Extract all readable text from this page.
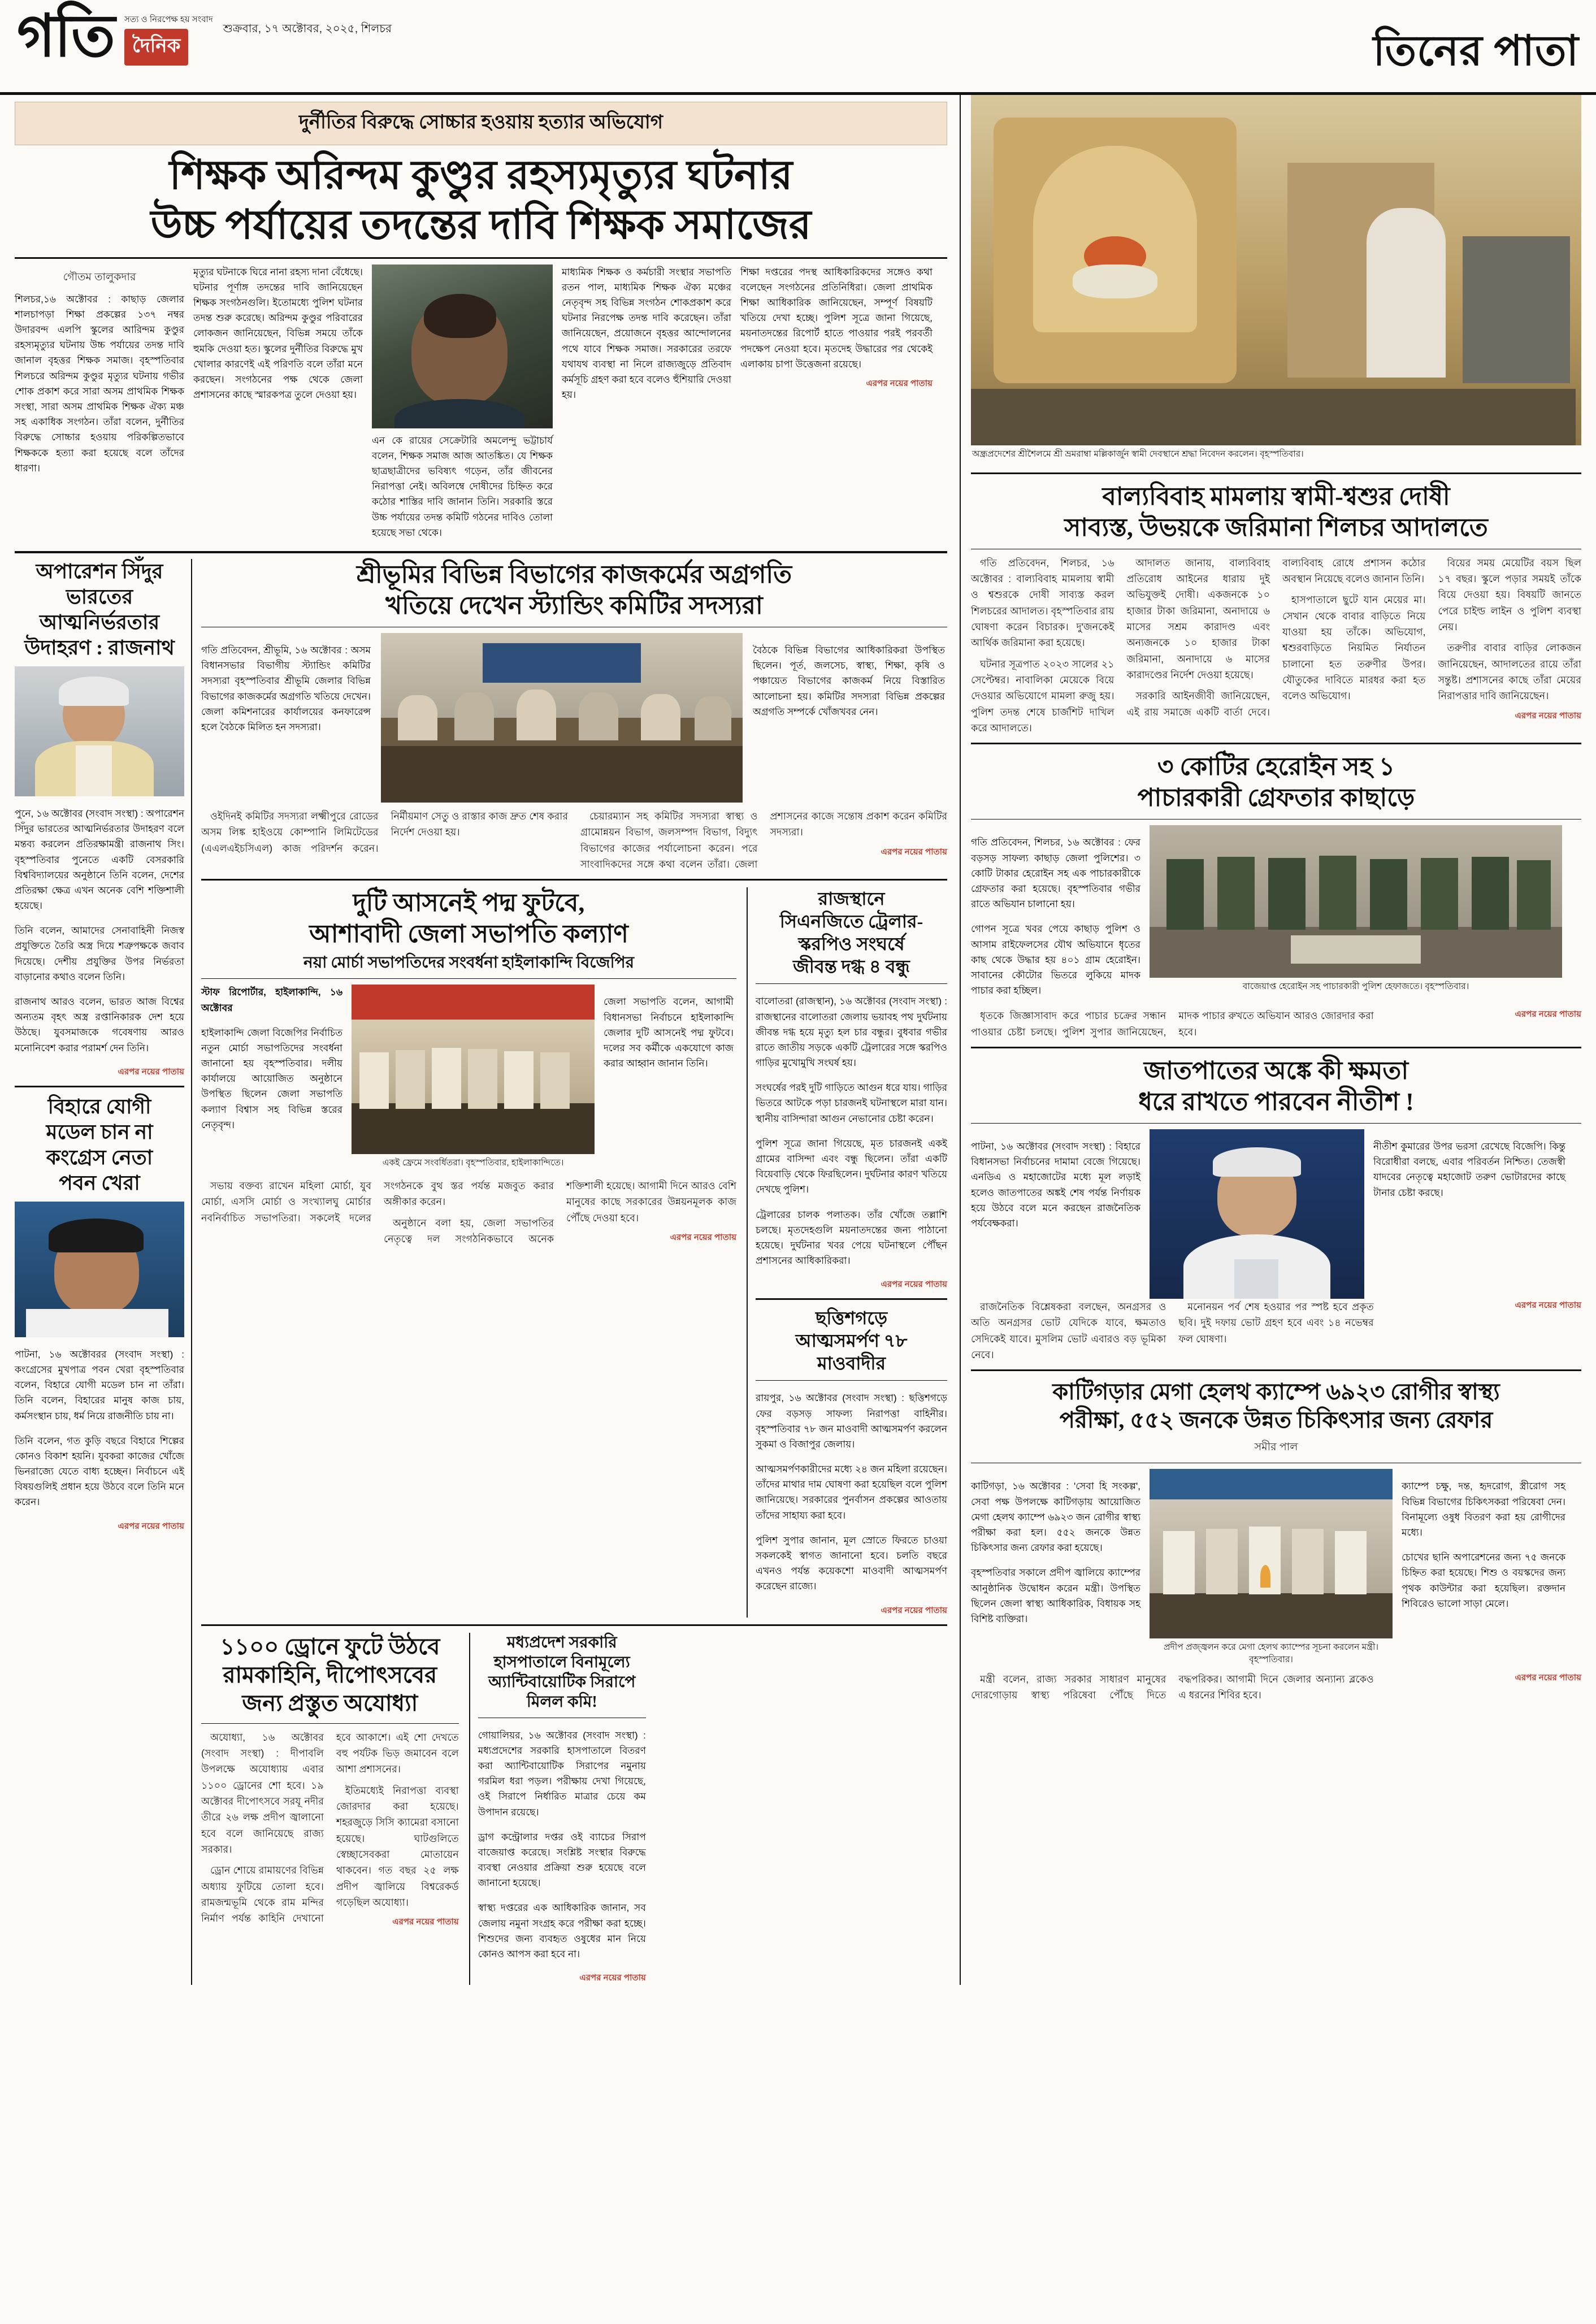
গতি সত্য ও নিরপেক্ষ হয় সংবাদ
দৈনিক
শুক্রবার, ১৭ অক্টোবর, ২০২৫, শিলচর	তিনের পাতা
দুর্নীতির বিরুদ্ধে সোচ্চার হওয়ায় হত্যার অভিযোগ
শিক্ষক অরিন্দম কুণ্ডুর রহস্যমৃত্যুর ঘটনার
উচ্চ পর্যায়ের তদন্তের দাবি শিক্ষক সমাজের
গৌতম তালুকদার

শিলচর,১৬ অক্টোবর : কাছাড় জেলার শালচাপড়া শিক্ষা প্রকল্পের ১৩৭ নম্বর উদারবন্দ এলপি স্কুলের আরিন্দম কুণ্ডুর রহস্যমৃত্যুর ঘটনায় উচ্চ পর্যায়ের তদন্ত দাবি জানাল বৃহত্তর শিক্ষক সমাজ। বৃহস্পতিবার শিলচরে অরিন্দম কুণ্ডুর মৃত্যুর ঘটনায় গভীর শোক প্রকাশ করে সারা অসম প্রাথমিক শিক্ষক সংস্থা, সারা অসম প্রাথমিক শিক্ষক ঐক্য মঞ্চ সহ একাধিক সংগঠন। তাঁরা বলেন, দুর্নীতির বিরুদ্ধে সোচ্চার হওয়ায় পরিকল্পিতভাবে শিক্ষককে হত্যা করা হয়েছে বলে তাঁদের ধারণা।

মৃত্যুর ঘটনাকে ঘিরে নানা রহস্য দানা বেঁধেছে। ঘটনার পূর্ণাঙ্গ তদন্তের দাবি জানিয়েছেন শিক্ষক সংগঠনগুলি। ইতোমধ্যে পুলিশ ঘটনার তদন্ত শুরু করেছে। অরিন্দম কুণ্ডুর পরিবারের লোকজন জানিয়েছেন, বিভিন্ন সময়ে তাঁকে হুমকি দেওয়া হত। স্কুলের দুর্নীতির বিরুদ্ধে মুখ খোলার কারণেই এই পরিণতি বলে তাঁরা মনে করছেন। সংগঠনের পক্ষ থেকে জেলা প্রশাসনের কাছে স্মারকপত্র তুলে দেওয়া হয়।

এন কে রায়ের সেক্রেটারি অমলেন্দু ভট্টাচার্য বলেন, শিক্ষক সমাজ আজ আতঙ্কিত। যে শিক্ষক ছাত্রছাত্রীদের ভবিষ্যৎ গড়েন, তাঁর জীবনের নিরাপত্তা নেই। অবিলম্বে দোষীদের চিহ্নিত করে কঠোর শাস্তির দাবি জানান তিনি। সরকারি স্তরে উচ্চ পর্যায়ের তদন্ত কমিটি গঠনের দাবিও তোলা হয়েছে সভা থেকে।

মাধ্যমিক শিক্ষক ও কর্মচারী সংস্থার সভাপতি রতন পাল, মাধ্যমিক শিক্ষক ঐক্য মঞ্চের নেতৃবৃন্দ সহ বিভিন্ন সংগঠন শোকপ্রকাশ করে ঘটনার নিরপেক্ষ তদন্ত দাবি করেছেন। তাঁরা জানিয়েছেন, প্রয়োজনে বৃহত্তর আন্দোলনের পথে যাবে শিক্ষক সমাজ। সরকারের তরফে যথাযথ ব্যবস্থা না নিলে রাজ্যজুড়ে প্রতিবাদ কর্মসূচি গ্রহণ করা হবে বলেও হুঁশিয়ারি দেওয়া হয়।

শিক্ষা দপ্তরের পদস্থ আধিকারিকদের সঙ্গেও কথা বলেছেন সংগঠনের প্রতিনিধিরা। জেলা প্রাথমিক শিক্ষা আধিকারিক জানিয়েছেন, সম্পূর্ণ বিষয়টি খতিয়ে দেখা হচ্ছে। পুলিশ সূত্রে জানা গিয়েছে, ময়নাতদন্তের রিপোর্ট হাতে পাওয়ার পরই পরবর্তী পদক্ষেপ নেওয়া হবে। মৃতদেহ উদ্ধারের পর থেকেই এলাকায় চাপা উত্তেজনা রয়েছে।

এরপর নয়ের পাতায়
অপারেশন সিঁদুর
ভারতের
আত্মনির্ভরতার
উদাহরণ : রাজনাথ

পুনে, ১৬ অক্টোবর (সংবাদ সংস্থা) : অপারেশন সিঁদুর ভারতের আত্মনির্ভরতার উদাহরণ বলে মন্তব্য করলেন প্রতিরক্ষামন্ত্রী রাজনাথ সিং। বৃহস্পতিবার পুনেতে একটি বেসরকারি বিশ্ববিদ্যালয়ের অনুষ্ঠানে তিনি বলেন, দেশের প্রতিরক্ষা ক্ষেত্র এখন অনেক বেশি শক্তিশালী হয়েছে।

তিনি বলেন, আমাদের সেনাবাহিনী নিজস্ব প্রযুক্তিতে তৈরি অস্ত্র দিয়ে শত্রুপক্ষকে জবাব দিয়েছে। দেশীয় প্রযুক্তির উপর নির্ভরতা বাড়ানোর কথাও বলেন তিনি।

রাজনাথ আরও বলেন, ভারত আজ বিশ্বের অন্যতম বৃহৎ অস্ত্র রপ্তানিকারক দেশ হয়ে উঠছে। যুবসমাজকে গবেষণায় আরও মনোনিবেশ করার পরামর্শ দেন তিনি।

এরপর নয়ের পাতায়
বিহারে যোগী
মডেল চান না
কংগ্রেস নেতা
পবন খেরা

পাটনা, ১৬ অক্টোবরর (সংবাদ সংস্থা) : কংগ্রেসের মুখপাত্র পবন খেরা বৃহস্পতিবার বলেন, বিহারে যোগী মডেল চান না তাঁরা। তিনি বলেন, বিহারের মানুষ কাজ চায়, কর্মসংস্থান চায়, ধর্ম নিয়ে রাজনীতি চায় না।

তিনি বলেন, গত কুড়ি বছরে বিহারে শিল্পের কোনও বিকাশ হয়নি। যুবকরা কাজের খোঁজে ভিনরাজ্যে যেতে বাধ্য হচ্ছেন। নির্বাচনে এই বিষয়গুলিই প্রধান হয়ে উঠবে বলে তিনি মনে করেন।

এরপর নয়ের পাতায়
শ্রীভূমির বিভিন্ন বিভাগের কাজকর্মের অগ্রগতি
খতিয়ে দেখেন স্ট্যান্ডিং কমিটির সদস্যরা

গতি প্রতিবেদন, শ্রীভূমি, ১৬ অক্টোবর : অসম বিধানসভার বিভাগীয় স্ট্যান্ডিং কমিটির সদস্যরা বৃহস্পতিবার শ্রীভূমি জেলার বিভিন্ন বিভাগের কাজকর্মের অগ্রগতি খতিয়ে দেখেন। জেলা কমিশনারের কার্যালয়ের কনফারেন্স হলে বৈঠকে মিলিত হন সদস্যরা।

বৈঠকে বিভিন্ন বিভাগের আধিকারিকরা উপস্থিত ছিলেন। পূর্ত, জলসেচ, স্বাস্থ্য, শিক্ষা, কৃষি ও পঞ্চায়েত বিভাগের কাজকর্ম নিয়ে বিস্তারিত আলোচনা হয়। কমিটির সদস্যরা বিভিন্ন প্রকল্পের অগ্রগতি সম্পর্কে খোঁজখবর নেন।

ওইদিনই কমিটির সদস্যরা লক্ষ্মীপুরে রোডের অসম লিঙ্ক হাইওয়ে কোম্পানি লিমিটেডের (এএলএইচসিএল) কাজ পরিদর্শন করেন। নির্মীয়মাণ সেতু ও রাস্তার কাজ দ্রুত শেষ করার নির্দেশ দেওয়া হয়।

চেয়ারম্যান সহ কমিটির সদস্যরা স্বাস্থ্য ও গ্রামোন্নয়ন বিভাগ, জলসম্পদ বিভাগ, বিদ্যুৎ বিভাগের কাজের পর্যালোচনা করেন। পরে সাংবাদিকদের সঙ্গে কথা বলেন তাঁরা। জেলা প্রশাসনের কাজে সন্তোষ প্রকাশ করেন কমিটির সদস্যরা।

এরপর নয়ের পাতায়
দুটি আসনেই পদ্ম ফুটবে,
আশাবাদী জেলা সভাপতি কল্যাণ
নয়া মোর্চা সভাপতিদের সংবর্ধনা হাইলাকান্দি বিজেপির
স্টাফ রিপোর্টার, হাইলাকান্দি, ১৬ অক্টোবর

হাইলাকান্দি জেলা বিজেপির নির্বাচিত নতুন মোর্চা সভাপতিদের সংবর্ধনা জানানো হয় বৃহস্পতিবার। দলীয় কার্যালয়ে আয়োজিত অনুষ্ঠানে উপস্থিত ছিলেন জেলা সভাপতি কল্যাণ বিশ্বাস সহ বিভিন্ন স্তরের নেতৃবৃন্দ।

একই ফ্রেমে সংবর্ধিতরা। বৃহস্পতিবার, হাইলাকান্দিতে।

জেলা সভাপতি বলেন, আগামী বিধানসভা নির্বাচনে হাইলাকান্দি জেলার দুটি আসনেই পদ্ম ফুটবে। দলের সব কর্মীকে একযোগে কাজ করার আহ্বান জানান তিনি।

সভায় বক্তব্য রাখেন মহিলা মোর্চা, যুব মোর্চা, এসসি মোর্চা ও সংখ্যালঘু মোর্চার নবনির্বাচিত সভাপতিরা। সকলেই দলের সংগঠনকে বুথ স্তর পর্যন্ত মজবুত করার অঙ্গীকার করেন।

অনুষ্ঠানে বলা হয়, জেলা সভাপতির নেতৃত্বে দল সংগঠনিকভাবে অনেক শক্তিশালী হয়েছে। আগামী দিনে আরও বেশি মানুষের কাছে সরকারের উন্নয়নমূলক কাজ পৌঁছে দেওয়া হবে।

এরপর নয়ের পাতায়
রাজস্থানে
সিএনজিতে ট্রেলার-
স্করপিও সংঘর্ষে
জীবন্ত দগ্ধ ৪ বন্ধু

বালোতরা (রাজস্থান), ১৬ অক্টোবর (সংবাদ সংস্থা) : রাজস্থানের বালোতরা জেলায় ভয়াবহ পথ দুর্ঘটনায় জীবন্ত দগ্ধ হয়ে মৃত্যু হল চার বন্ধুর। বুধবার গভীর রাতে জাতীয় সড়কে একটি ট্রেলারের সঙ্গে স্করপিও গাড়ির মুখোমুখি সংঘর্ষ হয়।

সংঘর্ষের পরই দুটি গাড়িতে আগুন ধরে যায়। গাড়ির ভিতরে আটকে পড়া চারজনই ঘটনাস্থলে মারা যান। স্থানীয় বাসিন্দারা আগুন নেভানোর চেষ্টা করেন।

পুলিশ সূত্রে জানা গিয়েছে, মৃত চারজনই একই গ্রামের বাসিন্দা এবং বন্ধু ছিলেন। তাঁরা একটি বিয়েবাড়ি থেকে ফিরছিলেন। দুর্ঘটনার কারণ খতিয়ে দেখছে পুলিশ।

ট্রেলারের চালক পলাতক। তাঁর খোঁজে তল্লাশি চলছে। মৃতদেহগুলি ময়নাতদন্তের জন্য পাঠানো হয়েছে। দুর্ঘটনার খবর পেয়ে ঘটনাস্থলে পৌঁছন প্রশাসনের আধিকারিকরা।

এরপর নয়ের পাতায়
ছত্তিশগড়ে
আত্মসমর্পণ ৭৮
মাওবাদীর

রায়পুর, ১৬ অক্টোবর (সংবাদ সংস্থা) : ছত্তিশগড়ে ফের বড়সড় সাফল্য নিরাপত্তা বাহিনীর। বৃহস্পতিবার ৭৮ জন মাওবাদী আত্মসমর্পণ করলেন সুকমা ও বিজাপুর জেলায়।

আত্মসমর্পণকারীদের মধ্যে ২৪ জন মহিলা রয়েছেন। তাঁদের মাথার দাম ঘোষণা করা হয়েছিল বলে পুলিশ জানিয়েছে। সরকারের পুনর্বাসন প্রকল্পের আওতায় তাঁদের সাহায্য করা হবে।

পুলিশ সুপার জানান, মূল স্রোতে ফিরতে চাওয়া সকলকেই স্বাগত জানানো হবে। চলতি বছরে এখনও পর্যন্ত কয়েকশো মাওবাদী আত্মসমর্পণ করেছেন রাজ্যে।

এরপর নয়ের পাতায়
১১০০ ড্রোনে ফুটে উঠবে
রামকাহিনি, দীপোৎসবের
জন্য প্রস্তুত অযোধ্যা

অযোধ্যা, ১৬ অক্টোবর (সংবাদ সংস্থা) : দীপাবলি উপলক্ষে অযোধ্যায় এবার ১১০০ ড্রোনের শো হবে। ১৯ অক্টোবর দীপোৎসবে সরযূ নদীর তীরে ২৬ লক্ষ প্রদীপ জ্বালানো হবে বলে জানিয়েছে রাজ্য সরকার।

ড্রোন শোয়ে রামায়ণের বিভিন্ন অধ্যায় ফুটিয়ে তোলা হবে। রামজন্মভূমি থেকে রাম মন্দির নির্মাণ পর্যন্ত কাহিনি দেখানো হবে আকাশে। এই শো দেখতে বহু পর্যটক ভিড় জমাবেন বলে আশা প্রশাসনের।

ইতিমধ্যেই নিরাপত্তা ব্যবস্থা জোরদার করা হয়েছে। শহরজুড়ে সিসি ক্যামেরা বসানো হয়েছে। ঘাটগুলিতে স্বেচ্ছাসেবকরা মোতায়েন থাকবেন। গত বছর ২৫ লক্ষ প্রদীপ জ্বালিয়ে বিশ্বরেকর্ড গড়েছিল অযোধ্যা।

এরপর নয়ের পাতায়
মধ্যপ্রদেশ সরকারি
হাসপাতালে বিনামূল্যে
অ্যান্টিবায়োটিক সিরাপে
মিলল কমি!

গোয়ালিয়র, ১৬ অক্টোবর (সংবাদ সংস্থা) : মধ্যপ্রদেশের সরকারি হাসপাতালে বিতরণ করা অ্যান্টিবায়োটিক সিরাপের নমুনায় গরমিল ধরা পড়ল। পরীক্ষায় দেখা গিয়েছে, ওই সিরাপে নির্ধারিত মাত্রার চেয়ে কম উপাদান রয়েছে।

ড্রাগ কন্ট্রোলার দপ্তর ওই ব্যাচের সিরাপ বাজেয়াপ্ত করেছে। সংশ্লিষ্ট সংস্থার বিরুদ্ধে ব্যবস্থা নেওয়ার প্রক্রিয়া শুরু হয়েছে বলে জানানো হয়েছে।

স্বাস্থ্য দপ্তরের এক আধিকারিক জানান, সব জেলায় নমুনা সংগ্রহ করে পরীক্ষা করা হচ্ছে। শিশুদের জন্য ব্যবহৃত ওষুধের মান নিয়ে কোনও আপস করা হবে না।

এরপর নয়ের পাতায়
অন্ধ্রপ্রদেশের শ্রীশৈলমে শ্রী ভ্রমরাম্বা মল্লিকার্জুন স্বামী দেবস্থানে শ্রদ্ধা নিবেদন করলেন। বৃহস্পতিবার।
বাল্যবিবাহ মামলায় স্বামী-শ্বশুর দোষী
সাব্যস্ত, উভয়কে জরিমানা শিলচর আদালতে

গতি প্রতিবেদন, শিলচর, ১৬ অক্টোবর : বাল্যবিবাহ মামলায় স্বামী ও শ্বশুরকে দোষী সাব্যস্ত করল শিলচরের আদালত। বৃহস্পতিবার রায় ঘোষণা করেন বিচারক। দু'জনকেই আর্থিক জরিমানা করা হয়েছে।

ঘটনার সূত্রপাত ২০২৩ সালের ২১ সেপ্টেম্বর। নাবালিকা মেয়েকে বিয়ে দেওয়ার অভিযোগে মামলা রুজু হয়। পুলিশ তদন্ত শেষে চার্জশিট দাখিল করে আদালতে।

আদালত জানায়, বাল্যবিবাহ প্রতিরোধ আইনের ধারায় দুই অভিযুক্তই দোষী। একজনকে ১০ হাজার টাকা জরিমানা, অনাদায়ে ৬ মাসের সশ্রম কারাদণ্ড এবং অন্যজনকে ১০ হাজার টাকা জরিমানা, অনাদায়ে ৬ মাসের কারাদণ্ডের নির্দেশ দেওয়া হয়েছে।

সরকারি আইনজীবী জানিয়েছেন, এই রায় সমাজে একটি বার্তা দেবে। বাল্যবিবাহ রোধে প্রশাসন কঠোর অবস্থান নিয়েছে বলেও জানান তিনি।

হাসপাতালে ছুটে যান মেয়ের মা। সেখান থেকে বাবার বাড়িতে নিয়ে যাওয়া হয় তাঁকে। অভিযোগ, শ্বশুরবাড়িতে নিয়মিত নির্যাতন চালানো হত তরুণীর উপর। যৌতুকের দাবিতে মারধর করা হত বলেও অভিযোগ।

বিয়ের সময় মেয়েটির বয়স ছিল ১৭ বছর। স্কুলে পড়ার সময়ই তাঁকে বিয়ে দেওয়া হয়। বিষয়টি জানতে পেরে চাইল্ড লাইন ও পুলিশ ব্যবস্থা নেয়।

তরুণীর বাবার বাড়ির লোকজন জানিয়েছেন, আদালতের রায়ে তাঁরা সন্তুষ্ট। প্রশাসনের কাছে তাঁরা মেয়ের নিরাপত্তার দাবি জানিয়েছেন।

এরপর নয়ের পাতায়
৩ কোটির হেরোইন সহ ১
পাচারকারী গ্রেফতার কাছাড়ে

গতি প্রতিবেদন, শিলচর, ১৬ অক্টোবর : ফের বড়সড় সাফল্য কাছাড় জেলা পুলিশের। ৩ কোটি টাকার হেরোইন সহ এক পাচারকারীকে গ্রেফতার করা হয়েছে। বৃহস্পতিবার গভীর রাতে অভিযান চালানো হয়।

গোপন সূত্রে খবর পেয়ে কাছাড় পুলিশ ও আসাম রাইফেলসের যৌথ অভিযানে ধৃতের কাছ থেকে উদ্ধার হয় ৪০১ গ্রাম হেরোইন। সাবানের কৌটোর ভিতরে লুকিয়ে মাদক পাচার করা হচ্ছিল।	বাজেয়াপ্ত হেরোইন সহ পাচারকারী পুলিশ হেফাজতে। বৃহস্পতিবার।

ধৃতকে জিজ্ঞাসাবাদ করে পাচার চক্রের সন্ধান পাওয়ার চেষ্টা চলছে। পুলিশ সুপার জানিয়েছেন, মাদক পাচার রুখতে অভিযান আরও জোরদার করা হবে।

এরপর নয়ের পাতায়
জাতপাতের অঙ্কে কী ক্ষমতা
ধরে রাখতে পারবেন নীতীশ !

পাটনা, ১৬ অক্টোবর (সংবাদ সংস্থা) : বিহারে বিধানসভা নির্বাচনের দামামা বেজে গিয়েছে। এনডিএ ও মহাজোটের মধ্যে মূল লড়াই হলেও জাতপাতের অঙ্কই শেষ পর্যন্ত নির্ণায়ক হয়ে উঠবে বলে মনে করছেন রাজনৈতিক পর্যবেক্ষকরা।

নীতীশ কুমারের উপর ভরসা রেখেছে বিজেপি। কিন্তু বিরোধীরা বলছে, এবার পরিবর্তন নিশ্চিত। তেজস্বী যাদবের নেতৃত্বে মহাজোট তরুণ ভোটারদের কাছে টানার চেষ্টা করছে।

রাজনৈতিক বিশ্লেষকরা বলছেন, অনগ্রসর ও অতি অনগ্রসর ভোট যেদিকে যাবে, ক্ষমতাও সেদিকেই যাবে। মুসলিম ভোট এবারও বড় ভূমিকা নেবে।

মনোনয়ন পর্ব শেষ হওয়ার পর স্পষ্ট হবে প্রকৃত ছবি। দুই দফায় ভোট গ্রহণ হবে এবং ১৪ নভেম্বর ফল ঘোষণা।

এরপর নয়ের পাতায়
কাটিগড়ার মেগা হেলথ ক্যাম্পে ৬৯২৩ রোগীর স্বাস্থ্য
পরীক্ষা, ৫৫২ জনকে উন্নত চিকিৎসার জন্য রেফার
সমীর পাল

কাটিগড়া, ১৬ অক্টোবর : 'সেবা হি সংকল্প', সেবা পক্ষ উপলক্ষে কাটিগড়ায় আয়োজিত মেগা হেলথ ক্যাম্পে ৬৯২৩ জন রোগীর স্বাস্থ্য পরীক্ষা করা হল। ৫৫২ জনকে উন্নত চিকিৎসার জন্য রেফার করা হয়েছে।

বৃহস্পতিবার সকালে প্রদীপ জ্বালিয়ে ক্যাম্পের আনুষ্ঠানিক উদ্বোধন করেন মন্ত্রী। উপস্থিত ছিলেন জেলা স্বাস্থ্য আধিকারিক, বিধায়ক সহ বিশিষ্ট ব্যক্তিরা।

প্রদীপ প্রজ্জ্বলন করে মেগা হেলথ ক্যাম্পের সূচনা করলেন মন্ত্রী। বৃহস্পতিবার।

ক্যাম্পে চক্ষু, দন্ত, হৃদরোগ, স্ত্রীরোগ সহ বিভিন্ন বিভাগের চিকিৎসকরা পরিষেবা দেন। বিনামূল্যে ওষুধ বিতরণ করা হয় রোগীদের মধ্যে।

চোখের ছানি অপারেশনের জন্য ৭৫ জনকে চিহ্নিত করা হয়েছে। শিশু ও বয়স্কদের জন্য পৃথক কাউন্টার করা হয়েছিল। রক্তদান শিবিরেও ভালো সাড়া মেলে।

মন্ত্রী বলেন, রাজ্য সরকার সাধারণ মানুষের দোরগোড়ায় স্বাস্থ্য পরিষেবা পৌঁছে দিতে বদ্ধপরিকর। আগামী দিনে জেলার অন্যান্য ব্লকেও এ ধরনের শিবির হবে।

এরপর নয়ের পাতায়
